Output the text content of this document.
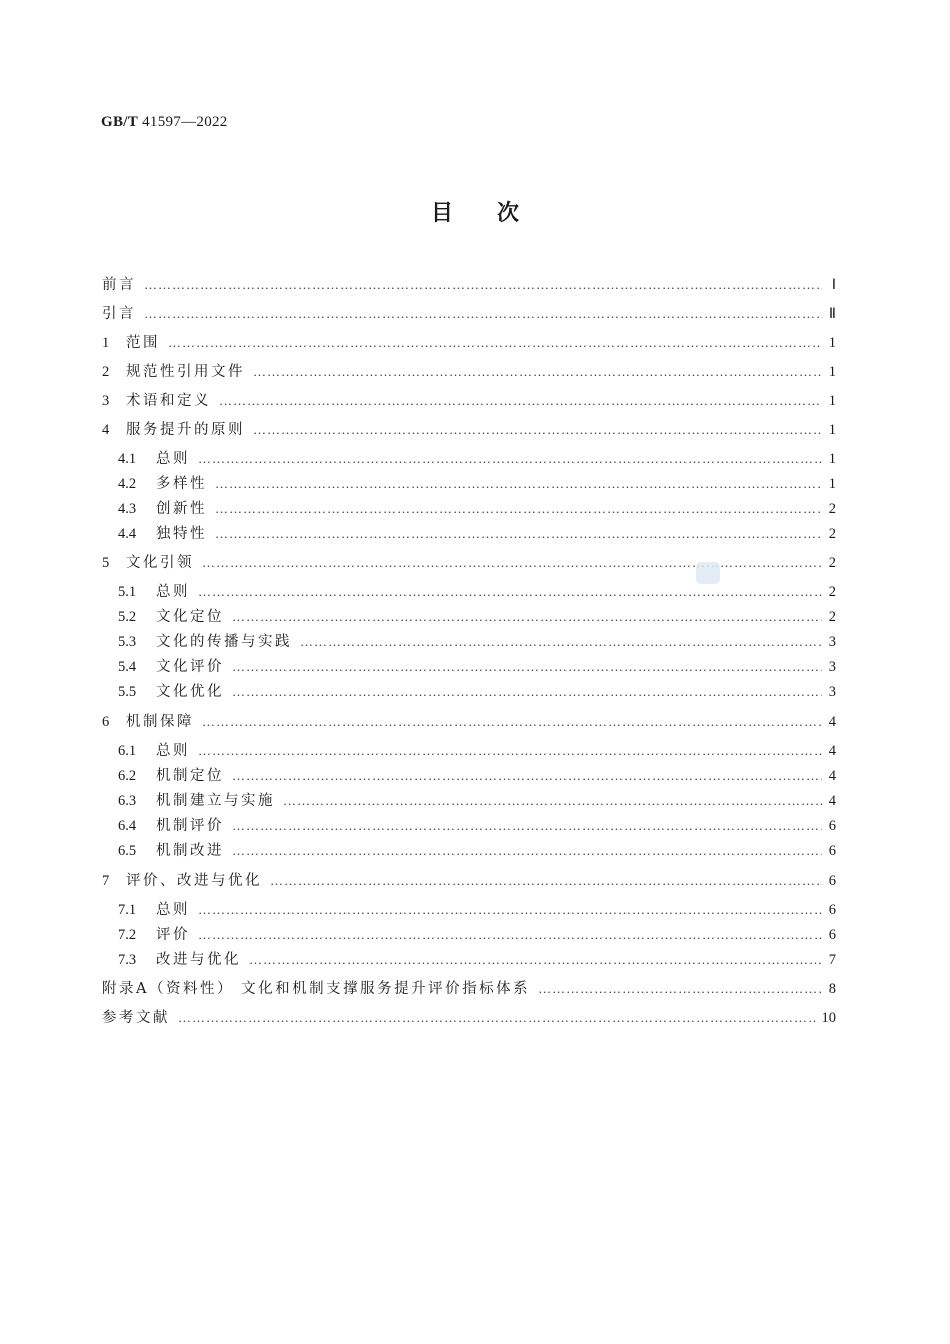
GB/T 41597—2022
目次
前言 …………………………………………………………………………………………………………………………………………………………………………………………………………………………	Ⅰ
引言 …………………………………………………………………………………………………………………………………………………………………………………………………………………………	Ⅱ
1	范围 …………………………………………………………………………………………………………………………………………………………………………………………………………………………	1
2	规范性引用文件 …………………………………………………………………………………………………………………………………………………………………………………………………………………………	1
3	术语和定义 …………………………………………………………………………………………………………………………………………………………………………………………………………………………	1
4	服务提升的原则 …………………………………………………………………………………………………………………………………………………………………………………………………………………………	1
4.1	总则 …………………………………………………………………………………………………………………………………………………………………………………………………………………………	1
4.2	多样性 …………………………………………………………………………………………………………………………………………………………………………………………………………………………	1
4.3	创新性 …………………………………………………………………………………………………………………………………………………………………………………………………………………………	2
4.4	独特性 …………………………………………………………………………………………………………………………………………………………………………………………………………………………	2
5	文化引领 …………………………………………………………………………………………………………………………………………………………………………………………………………………………	2
5.1	总则 …………………………………………………………………………………………………………………………………………………………………………………………………………………………	2
5.2	文化定位 …………………………………………………………………………………………………………………………………………………………………………………………………………………………	2
5.3	文化的传播与实践 …………………………………………………………………………………………………………………………………………………………………………………………………………………………	3
5.4	文化评价 …………………………………………………………………………………………………………………………………………………………………………………………………………………………	3
5.5	文化优化 …………………………………………………………………………………………………………………………………………………………………………………………………………………………	3
6	机制保障 …………………………………………………………………………………………………………………………………………………………………………………………………………………………	4
6.1	总则 …………………………………………………………………………………………………………………………………………………………………………………………………………………………	4
6.2	机制定位 …………………………………………………………………………………………………………………………………………………………………………………………………………………………	4
6.3	机制建立与实施 …………………………………………………………………………………………………………………………………………………………………………………………………………………………	4
6.4	机制评价 …………………………………………………………………………………………………………………………………………………………………………………………………………………………	6
6.5	机制改进 …………………………………………………………………………………………………………………………………………………………………………………………………………………………	6
7	评价、改进与优化 …………………………………………………………………………………………………………………………………………………………………………………………………………………………	6
7.1	总则 …………………………………………………………………………………………………………………………………………………………………………………………………………………………	6
7.2	评价 …………………………………………………………………………………………………………………………………………………………………………………………………………………………	6
7.3	改进与优化 …………………………………………………………………………………………………………………………………………………………………………………………………………………………	7
附录A（资料性） 文化和机制支撑服务提升评价指标体系 …………………………………………………………………………………………………………………………………………………………………………………………………………………………	8
参考文献 …………………………………………………………………………………………………………………………………………………………………………………………………………………………	10
